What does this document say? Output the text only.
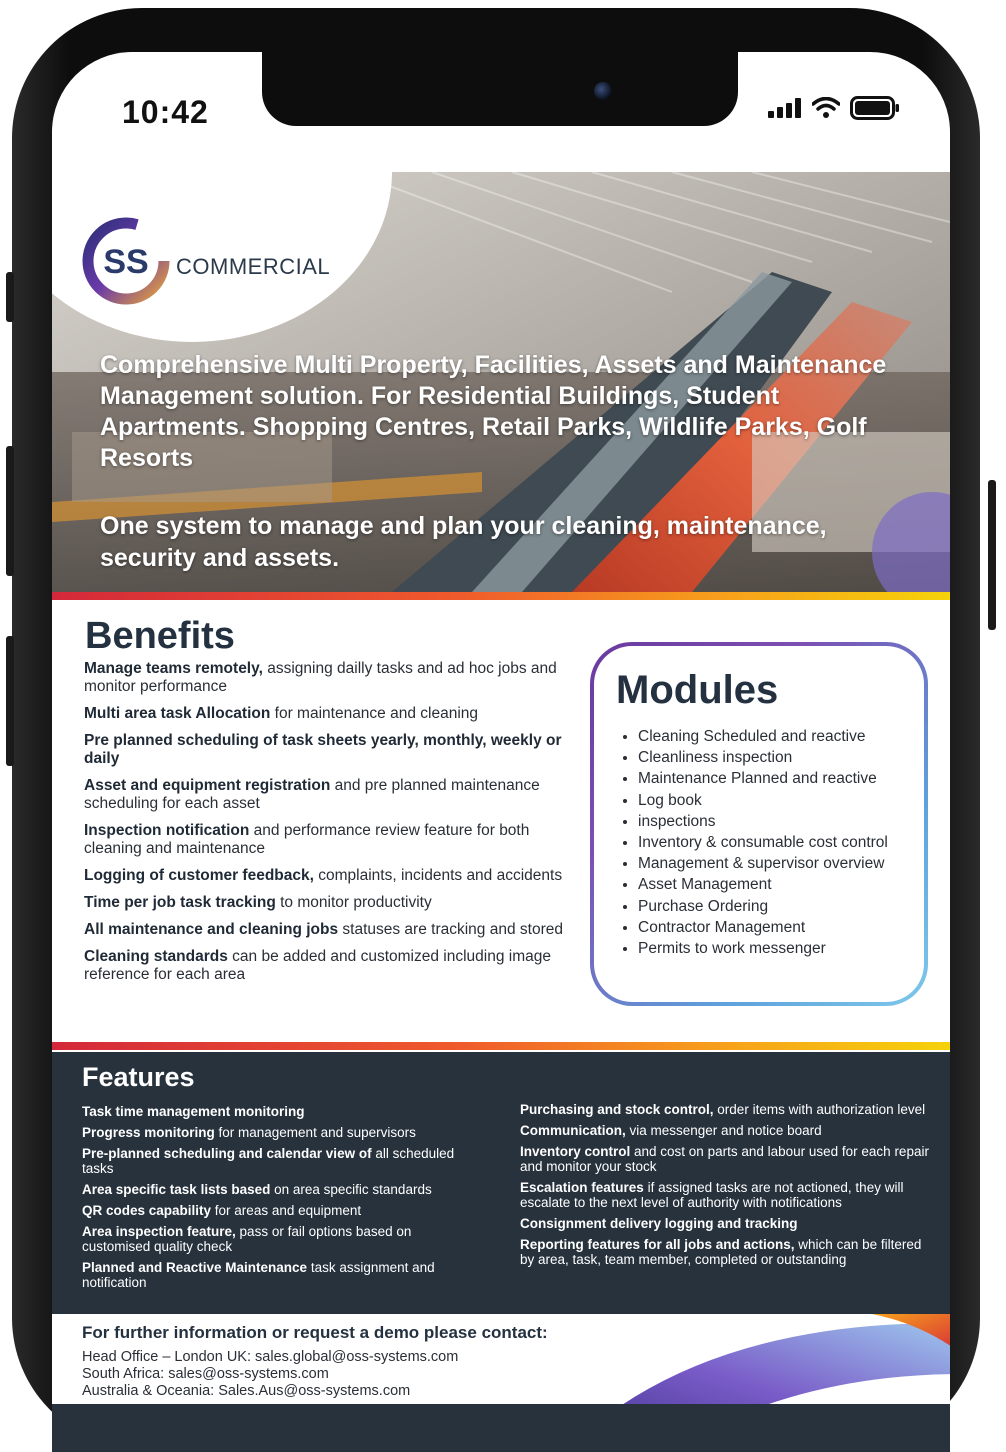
10:42
SS COMMERCIAL
Comprehensive Multi Property, Facilities, Assets and Maintenance Management solution. For Residential Buildings, Student Apartments. Shopping Centres, Retail Parks, Wildlife Parks, Golf Resorts
One system to manage and plan your cleaning, maintenance, security and assets.
Benefits
Manage teams remotely, assigning dailly tasks and ad hoc jobs and monitor performance
Multi area task Allocation for maintenance and cleaning
Pre planned scheduling of task sheets yearly, monthly, weekly or daily
Asset and equipment registration and pre planned maintenance scheduling for each asset
Inspection notification and performance review feature for both cleaning and maintenance
Logging of customer feedback, complaints, incidents and accidents
Time per job task tracking to monitor productivity
All maintenance and cleaning jobs statuses are tracking and stored
Cleaning standards can be added and customized including image reference for each area
Modules
• Cleaning Scheduled and reactive
• Cleanliness inspection
• Maintenance Planned and reactive
• Log book
• inspections
• Inventory & consumable cost control
• Management & supervisor overview
• Asset Management
• Purchase Ordering
• Contractor Management
• Permits to work messenger
Features
Task time management monitoring
Progress monitoring for management and supervisors
Pre-planned scheduling and calendar view of all scheduled tasks
Area specific task lists based on area specific standards
QR codes capability for areas and equipment
Area inspection feature, pass or fail options based on customised quality check
Planned and Reactive Maintenance task assignment and notification
Purchasing and stock control, order items with authorization level
Communication, via messenger and notice board
Inventory control and cost on parts and labour used for each repair and monitor your stock
Escalation features if assigned tasks are not actioned, they will escalate to the next level of authority with notifications
Consignment delivery logging and tracking
Reporting features for all jobs and actions, which can be filtered by area, task, team member, completed or outstanding
For further information or request a demo please contact:
Head Office – London UK: sales.global@oss-systems.com
South Africa: sales@oss-systems.com
Australia & Oceania: Sales.Aus@oss-systems.com
